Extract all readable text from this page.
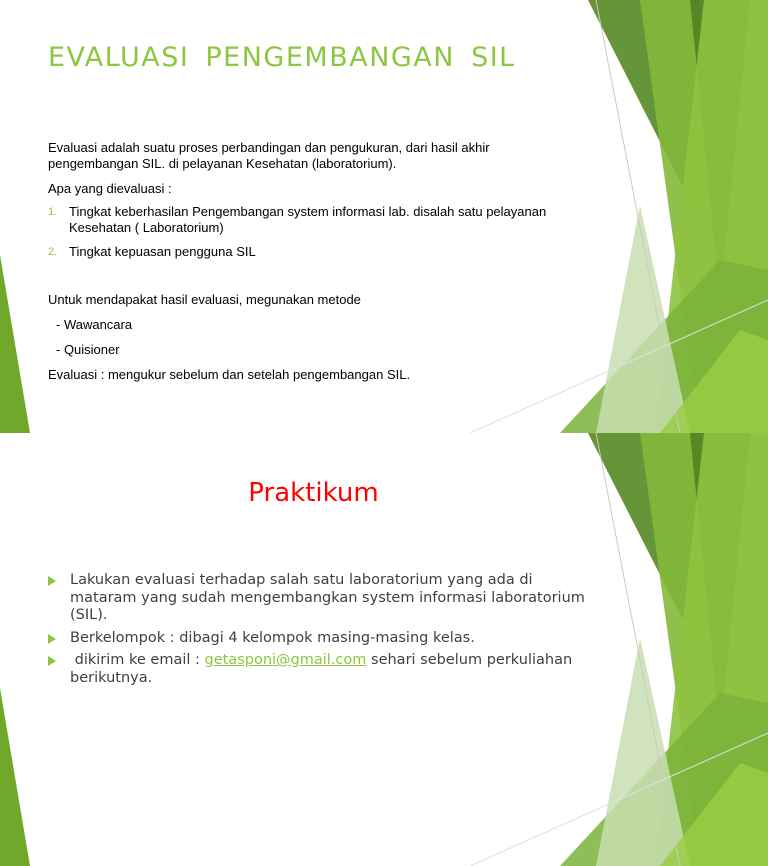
EVALUASI PENGEMBANGAN SIL

Evaluasi adalah suatu proses perbandingan dan pengukuran, dari hasil akhir pengembangan SIL. di pelayanan Kesehatan (laboratorium).

Apa yang dievaluasi :

1. Tingkat keberhasilan Pengembangan system informasi lab. disalah satu pelayanan Kesehatan ( Laboratorium)
2. Tingkat kepuasan pengguna SIL

Untuk mendapakat hasil evaluasi, megunakan metode

- Wawancara

- Quisioner

Evaluasi : mengukur sebelum dan setelah pengembangan SIL.

Praktikum
Lakukan evaluasi terhadap salah satu laboratorium yang ada di mataram yang sudah mengembangkan system informasi laboratorium (SIL).
Berkelompok : dibagi 4 kelompok masing-masing kelas.
dikirim ke email : getasponi@gmail.com sehari sebelum perkuliahan berikutnya.
